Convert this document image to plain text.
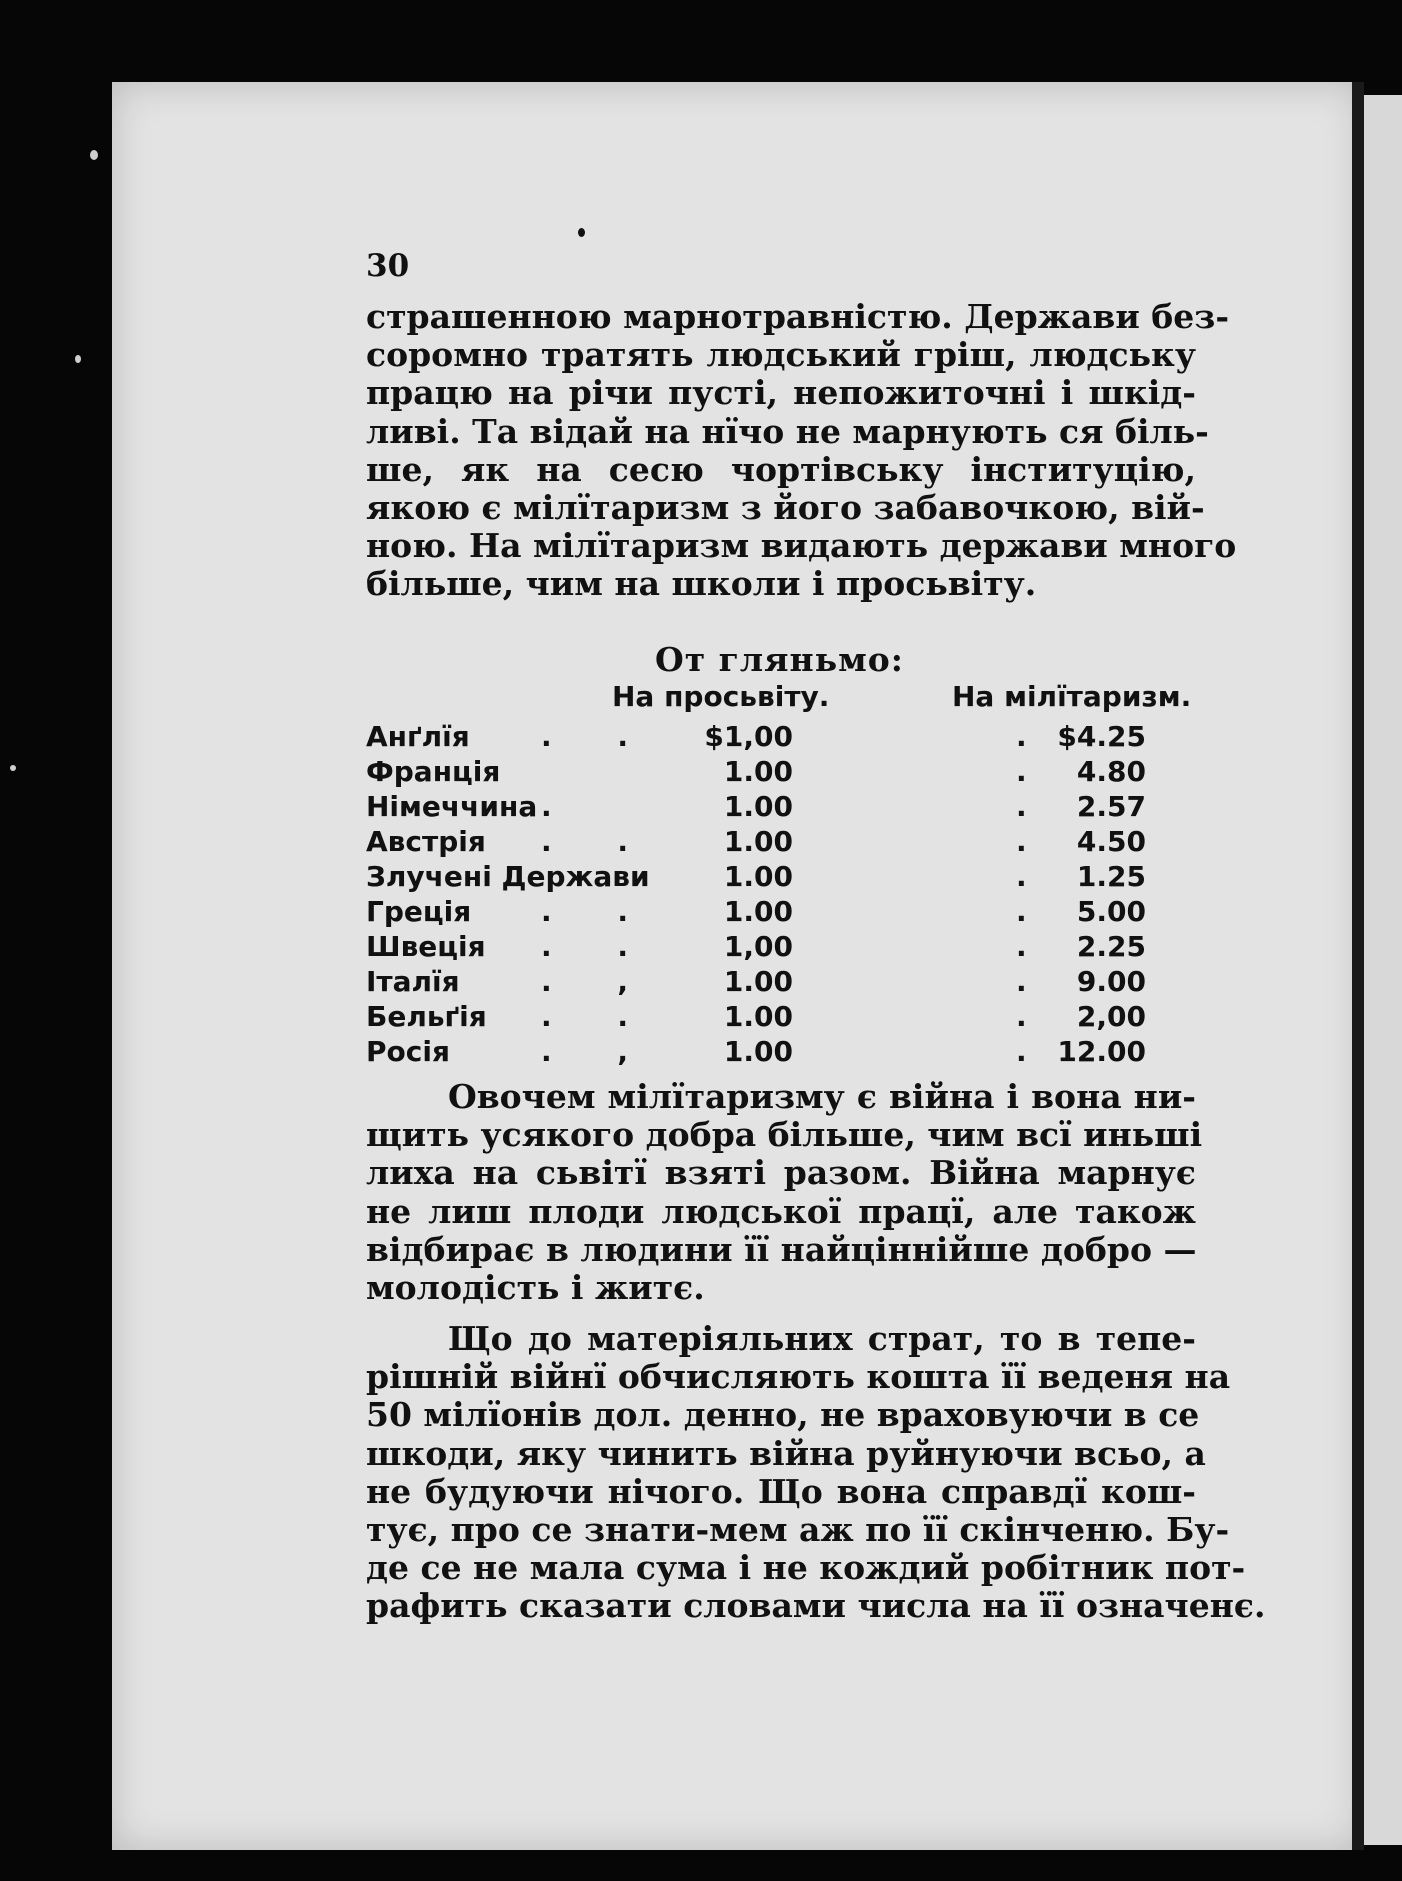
30
страшенною марнотравністю. Держави без-
соромно тратять людський гріш, людську
працю на річи пусті, непожиточні і шкід-
ливі. Та відай на нїчо не марнують ся біль-
ше, як на сесю чортівську інституцію,
якою є мілїтаризм з його забавочкою, вій-
ною. На мілїтаризм видають держави много
більше, чим на школи і просьвіту.
От гляньмо:
На просьвіту.	На мілїтаризм.
Анґлїя	. .	$1,00	.	$4.25
Франція	1.00	.	4.80
Німеччина .	1.00	.	2.57
Австрія . .	1.00	.	4.50
Злучені Держави	1.00	.	1.25
Греція . .	1.00	.	5.00
Швеція . .	1,00	.	2.25
Італїя	. ,	1.00	.	9.00
Бельґія . .	1.00	.	2,00
Росія	. ,	1.00	.	12.00
Овочем мілїтаризму є війна і вона ни-
щить усякого добра більше, чим всї иньші
лиха на сьвітї взяті разом. Війна марнує
не лиш плоди людської працї, але також
відбирає в людини її найціннійше добро —
молодість і житє.
Що до матеріяльних страт, то в тепе-
рішній війнї обчисляють кошта її веденя на
50 мілїонів дол. денно, не враховуючи в се
шкоди, яку чинить війна руйнуючи всьо, а
не будуючи нічого. Що вона справдї кош-
тує, про се знати-мем аж по її скінченю. Бу-
де се не мала сума і не кождий робітник пот-
рафить сказати словами числа на її означенє.
